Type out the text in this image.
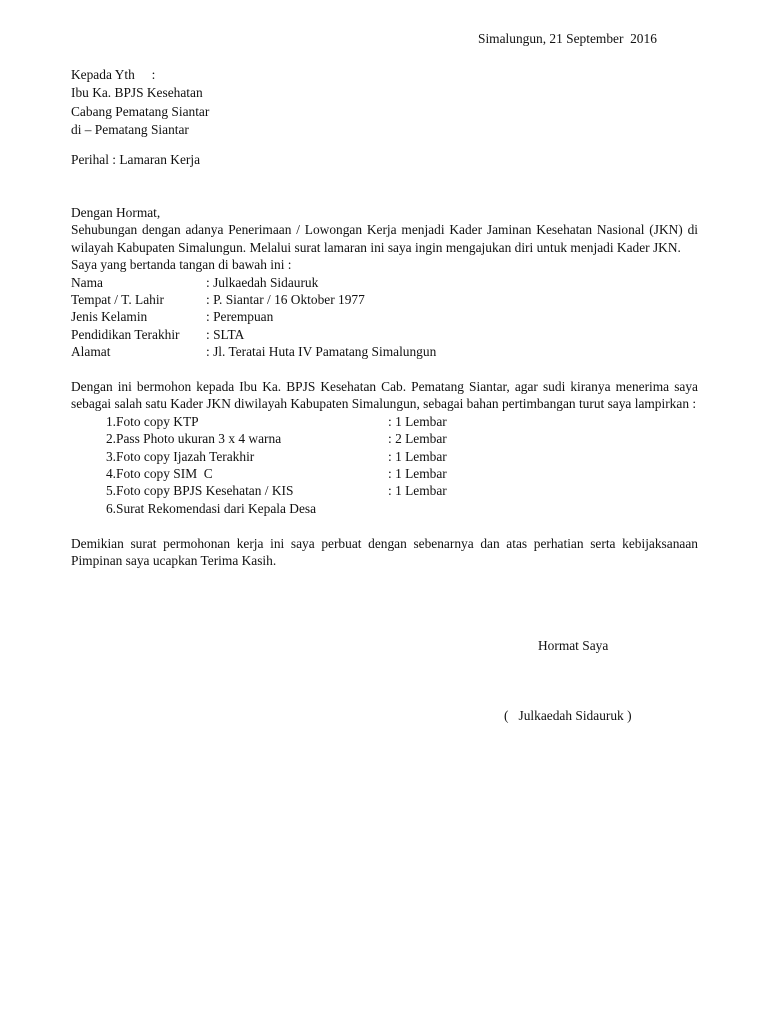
Simalungun, 21 September  2016
Kepada Yth     :
Ibu Ka. BPJS Kesehatan
Cabang Pematang Siantar
di – Pematang Siantar
Perihal : Lamaran Kerja
Dengan Hormat,
Sehubungan dengan adanya Penerimaan / Lowongan Kerja menjadi Kader Jaminan Kesehatan Nasional (JKN) di wilayah Kabupaten Simalungun. Melalui surat lamaran ini saya ingin mengajukan diri untuk menjadi Kader JKN.
Saya yang bertanda tangan di bawah ini :
Nama	: Julkaedah Sidauruk
Tempat / T. Lahir	: P. Siantar / 16 Oktober 1977
Jenis Kelamin	: Perempuan
Pendidikan Terakhir	: SLTA
Alamat	: Jl. Teratai Huta IV Pamatang Simalungun
Dengan ini bermohon kepada Ibu Ka. BPJS Kesehatan Cab. Pematang Siantar, agar sudi kiranya menerima saya sebagai salah satu Kader JKN diwilayah Kabupaten Simalungun, sebagai bahan pertimbangan turut saya lampirkan :
1. Foto copy KTP	: 1 Lembar
2. Pass Photo ukuran 3 x 4 warna	: 2 Lembar
3. Foto copy Ijazah Terakhir	: 1 Lembar
4. Foto copy SIM  C	: 1 Lembar
5. Foto copy BPJS Kesehatan / KIS	: 1 Lembar
6. Surat Rekomendasi dari Kepala Desa
Demikian surat permohonan kerja ini saya perbuat dengan sebenarnya dan atas perhatian serta kebijaksanaan Pimpinan saya ucapkan Terima Kasih.
Hormat Saya
(   Julkaedah Sidauruk )
